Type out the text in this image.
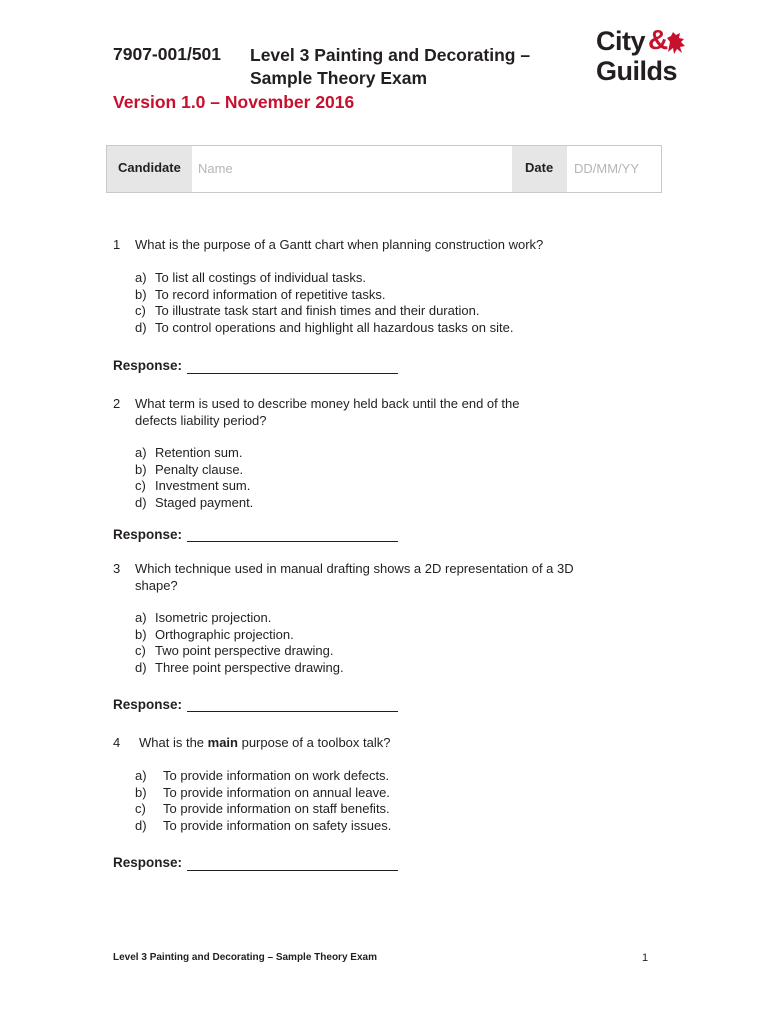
7907-001/501 Level 3 Painting and Decorating –
Sample Theory Exam
Version 1.0 – November 2016
City &
Guilds
Candidate	Name	Date	DD/MM/YY
1 What is the purpose of a Gantt chart when planning construction work?
a) To list all costings of individual tasks.
b) To record information of repetitive tasks.
c) To illustrate task start and finish times and their duration.
d) To control operations and highlight all hazardous tasks on site.
Response:
2 What term is used to describe money held back until the end of the defects liability period?
a) Retention sum.
b) Penalty clause.
c) Investment sum.
d) Staged payment.
Response:
3 Which technique used in manual drafting shows a 2D representation of a 3D shape?
a) Isometric projection.
b) Orthographic projection.
c) Two point perspective drawing.
d) Three point perspective drawing.
Response:
4 What is the main purpose of a toolbox talk?
a) To provide information on work defects.
b) To provide information on annual leave.
c) To provide information on staff benefits.
d) To provide information on safety issues.
Response:
Level 3 Painting and Decorating – Sample Theory Exam	1
